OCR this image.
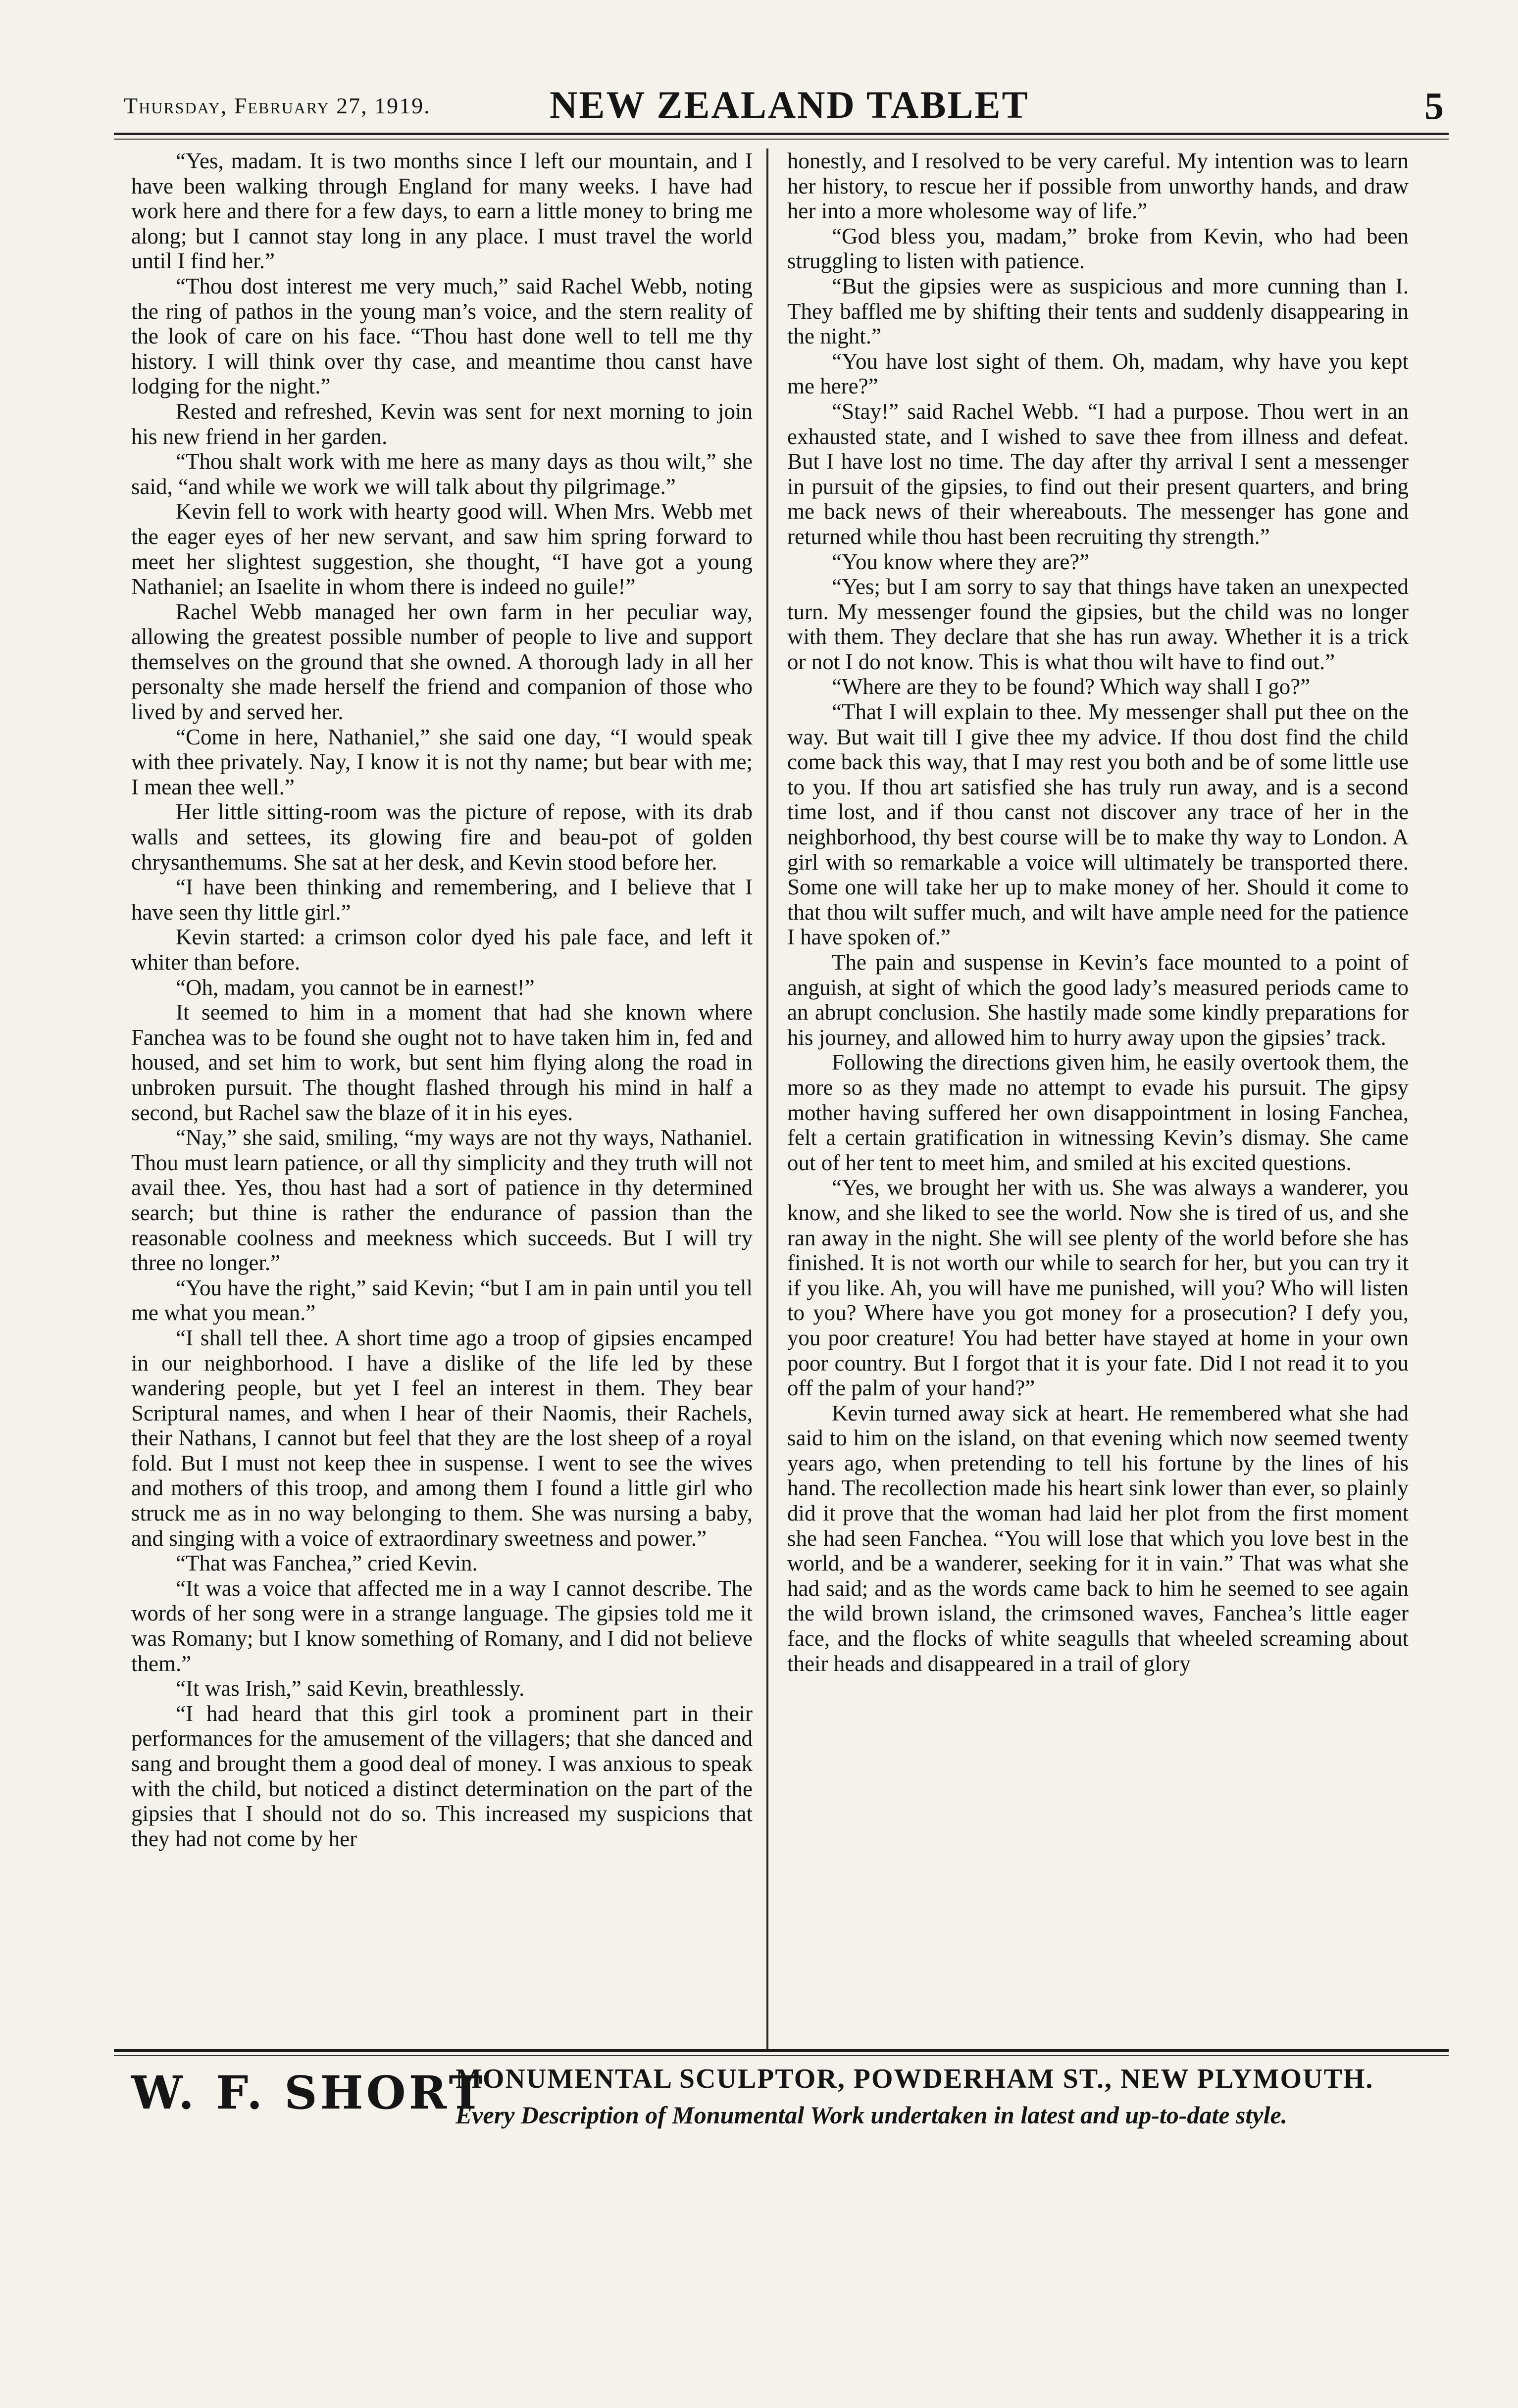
Thursday, February 27, 1919.	NEW ZEALAND TABLET	5

“Yes, madam. It is two months since I left our mountain, and I have been walking through England for many weeks. I have had work here and there for a few days, to earn a little money to bring me along; but I cannot stay long in any place. I must travel the world until I find her.”

“Thou dost interest me very much,” said Rachel Webb, noting the ring of pathos in the young man’s voice, and the stern reality of the look of care on his face. “Thou hast done well to tell me thy history. I will think over thy case, and meantime thou canst have lodging for the night.”

Rested and refreshed, Kevin was sent for next morning to join his new friend in her garden.

“Thou shalt work with me here as many days as thou wilt,” she said, “and while we work we will talk about thy pilgrimage.”

Kevin fell to work with hearty good will. When Mrs. Webb met the eager eyes of her new servant, and saw him spring forward to meet her slightest suggestion, she thought, “I have got a young Nathaniel; an Isaelite in whom there is indeed no guile!”

Rachel Webb managed her own farm in her peculiar way, allowing the greatest possible number of people to live and support themselves on the ground that she owned. A thorough lady in all her personalty she made herself the friend and companion of those who lived by and served her.

“Come in here, Nathaniel,” she said one day, “I would speak with thee privately. Nay, I know it is not thy name; but bear with me; I mean thee well.”

Her little sitting-room was the picture of repose, with its drab walls and settees, its glowing fire and beau-pot of golden chrysanthemums. She sat at her desk, and Kevin stood before her.

“I have been thinking and remembering, and I believe that I have seen thy little girl.”

Kevin started: a crimson color dyed his pale face, and left it whiter than before.

“Oh, madam, you cannot be in earnest!”

It seemed to him in a moment that had she known where Fanchea was to be found she ought not to have taken him in, fed and housed, and set him to work, but sent him flying along the road in unbroken pursuit. The thought flashed through his mind in half a second, but Rachel saw the blaze of it in his eyes.

“Nay,” she said, smiling, “my ways are not thy ways, Nathaniel. Thou must learn patience, or all thy simplicity and they truth will not avail thee. Yes, thou hast had a sort of patience in thy determined search; but thine is rather the endurance of passion than the reasonable coolness and meekness which succeeds. But I will try three no longer.”

“You have the right,” said Kevin; “but I am in pain until you tell me what you mean.”

“I shall tell thee. A short time ago a troop of gipsies encamped in our neighborhood. I have a dislike of the life led by these wandering people, but yet I feel an interest in them. They bear Scriptural names, and when I hear of their Naomis, their Rachels, their Nathans, I cannot but feel that they are the lost sheep of a royal fold. But I must not keep thee in suspense. I went to see the wives and mothers of this troop, and among them I found a little girl who struck me as in no way belonging to them. She was nursing a baby, and singing with a voice of extraordinary sweetness and power.”

“That was Fanchea,” cried Kevin.

“It was a voice that affected me in a way I cannot describe. The words of her song were in a strange language. The gipsies told me it was Romany; but I know something of Romany, and I did not believe them.”

“It was Irish,” said Kevin, breathlessly.

“I had heard that this girl took a prominent part in their performances for the amusement of the villagers; that she danced and sang and brought them a good deal of money. I was anxious to speak with the child, but noticed a distinct determination on the part of the gipsies that I should not do so. This increased my suspicions that they had not come by her

honestly, and I resolved to be very careful. My intention was to learn her history, to rescue her if possible from unworthy hands, and draw her into a more wholesome way of life.”

“God bless you, madam,” broke from Kevin, who had been struggling to listen with patience.

“But the gipsies were as suspicious and more cunning than I. They baffled me by shifting their tents and suddenly disappearing in the night.”

“You have lost sight of them. Oh, madam, why have you kept me here?”

“Stay!” said Rachel Webb. “I had a purpose. Thou wert in an exhausted state, and I wished to save thee from illness and defeat. But I have lost no time. The day after thy arrival I sent a messenger in pursuit of the gipsies, to find out their present quarters, and bring me back news of their whereabouts. The messenger has gone and returned while thou hast been recruiting thy strength.”

“You know where they are?”

“Yes; but I am sorry to say that things have taken an unexpected turn. My messenger found the gipsies, but the child was no longer with them. They declare that she has run away. Whether it is a trick or not I do not know. This is what thou wilt have to find out.”

“Where are they to be found? Which way shall I go?”

“That I will explain to thee. My messenger shall put thee on the way. But wait till I give thee my advice. If thou dost find the child come back this way, that I may rest you both and be of some little use to you. If thou art satisfied she has truly run away, and is a second time lost, and if thou canst not discover any trace of her in the neighborhood, thy best course will be to make thy way to London. A girl with so remarkable a voice will ultimately be transported there. Some one will take her up to make money of her. Should it come to that thou wilt suffer much, and wilt have ample need for the patience I have spoken of.”

The pain and suspense in Kevin’s face mounted to a point of anguish, at sight of which the good lady’s measured periods came to an abrupt conclusion. She hastily made some kindly preparations for his journey, and allowed him to hurry away upon the gipsies’ track.

Following the directions given him, he easily overtook them, the more so as they made no attempt to evade his pursuit. The gipsy mother having suffered her own disappointment in losing Fanchea, felt a certain gratification in witnessing Kevin’s dismay. She came out of her tent to meet him, and smiled at his excited questions.

“Yes, we brought her with us. She was always a wanderer, you know, and she liked to see the world. Now she is tired of us, and she ran away in the night. She will see plenty of the world before she has finished. It is not worth our while to search for her, but you can try it if you like. Ah, you will have me punished, will you? Who will listen to you? Where have you got money for a prosecution? I defy you, you poor creature! You had better have stayed at home in your own poor country. But I forgot that it is your fate. Did I not read it to you off the palm of your hand?”

Kevin turned away sick at heart. He remembered what she had said to him on the island, on that evening which now seemed twenty years ago, when pretending to tell his fortune by the lines of his hand. The recollection made his heart sink lower than ever, so plainly did it prove that the woman had laid her plot from the first moment she had seen Fanchea. “You will lose that which you love best in the world, and be a wanderer, seeking for it in vain.” That was what she had said; and as the words came back to him he seemed to see again the wild brown island, the crimsoned waves, Fanchea’s little eager face, and the flocks of white seagulls that wheeled screaming about their heads and disappeared in a trail of glory

W. F. SHORT
MONUMENTAL SCULPTOR, POWDERHAM ST., NEW PLYMOUTH.
Every Description of Monumental Work undertaken in latest and up-to-date style.
